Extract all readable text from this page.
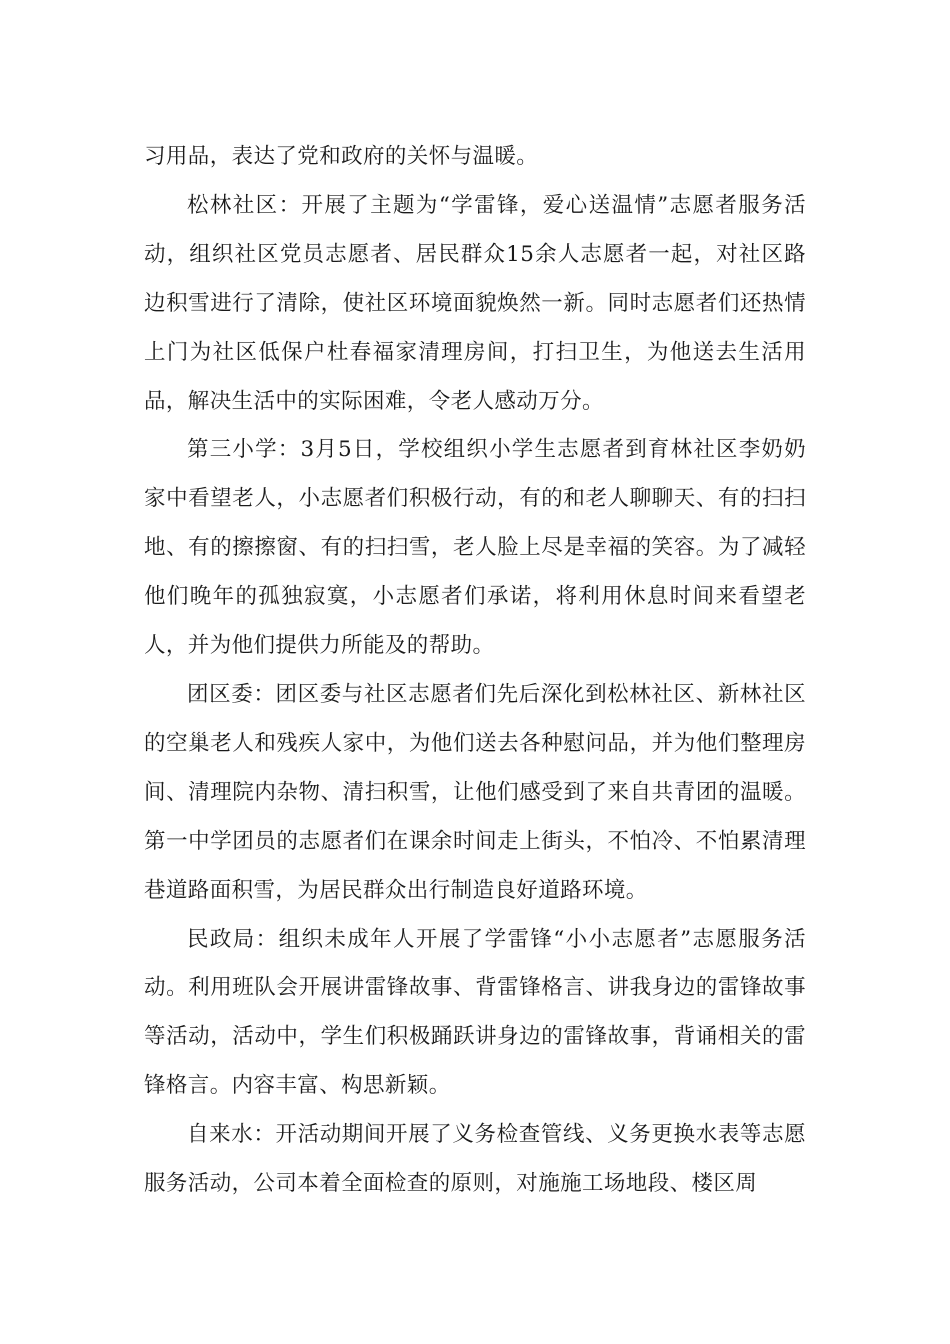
习用品，表达了党和政府的关怀与温暖。

松林社区：开展了主题为“学雷锋，爱心送温情”志愿者服务活动，组织社区党员志愿者、居民群众15余人志愿者一起，对社区路边积雪进行了清除，使社区环境面貌焕然一新。同时志愿者们还热情上门为社区低保户杜春福家清理房间，打扫卫生，为他送去生活用品，解决生活中的实际困难，令老人感动万分。

第三小学：3月5日，学校组织小学生志愿者到育林社区李奶奶家中看望老人，小志愿者们积极行动，有的和老人聊聊天、有的扫扫地、有的擦擦窗、有的扫扫雪，老人脸上尽是幸福的笑容。为了减轻他们晚年的孤独寂寞，小志愿者们承诺，将利用休息时间来看望老人，并为他们提供力所能及的帮助。

团区委：团区委与社区志愿者们先后深化到松林社区、新林社区的空巢老人和残疾人家中，为他们送去各种慰问品，并为他们整理房间、清理院内杂物、清扫积雪，让他们感受到了来自共青团的温暖。第一中学团员的志愿者们在课余时间走上街头，不怕冷、不怕累清理巷道路面积雪，为居民群众出行制造良好道路环境。

民政局：组织未成年人开展了学雷锋“小小志愿者”志愿服务活动。利用班队会开展讲雷锋故事、背雷锋格言、讲我身边的雷锋故事等活动，活动中，学生们积极踊跃讲身边的雷锋故事，背诵相关的雷锋格言。内容丰富、构思新颖。

自来水：开活动期间开展了义务检查管线、义务更换水表等志愿服务活动，公司本着全面检查的原则，对施施工场地段、楼区周
